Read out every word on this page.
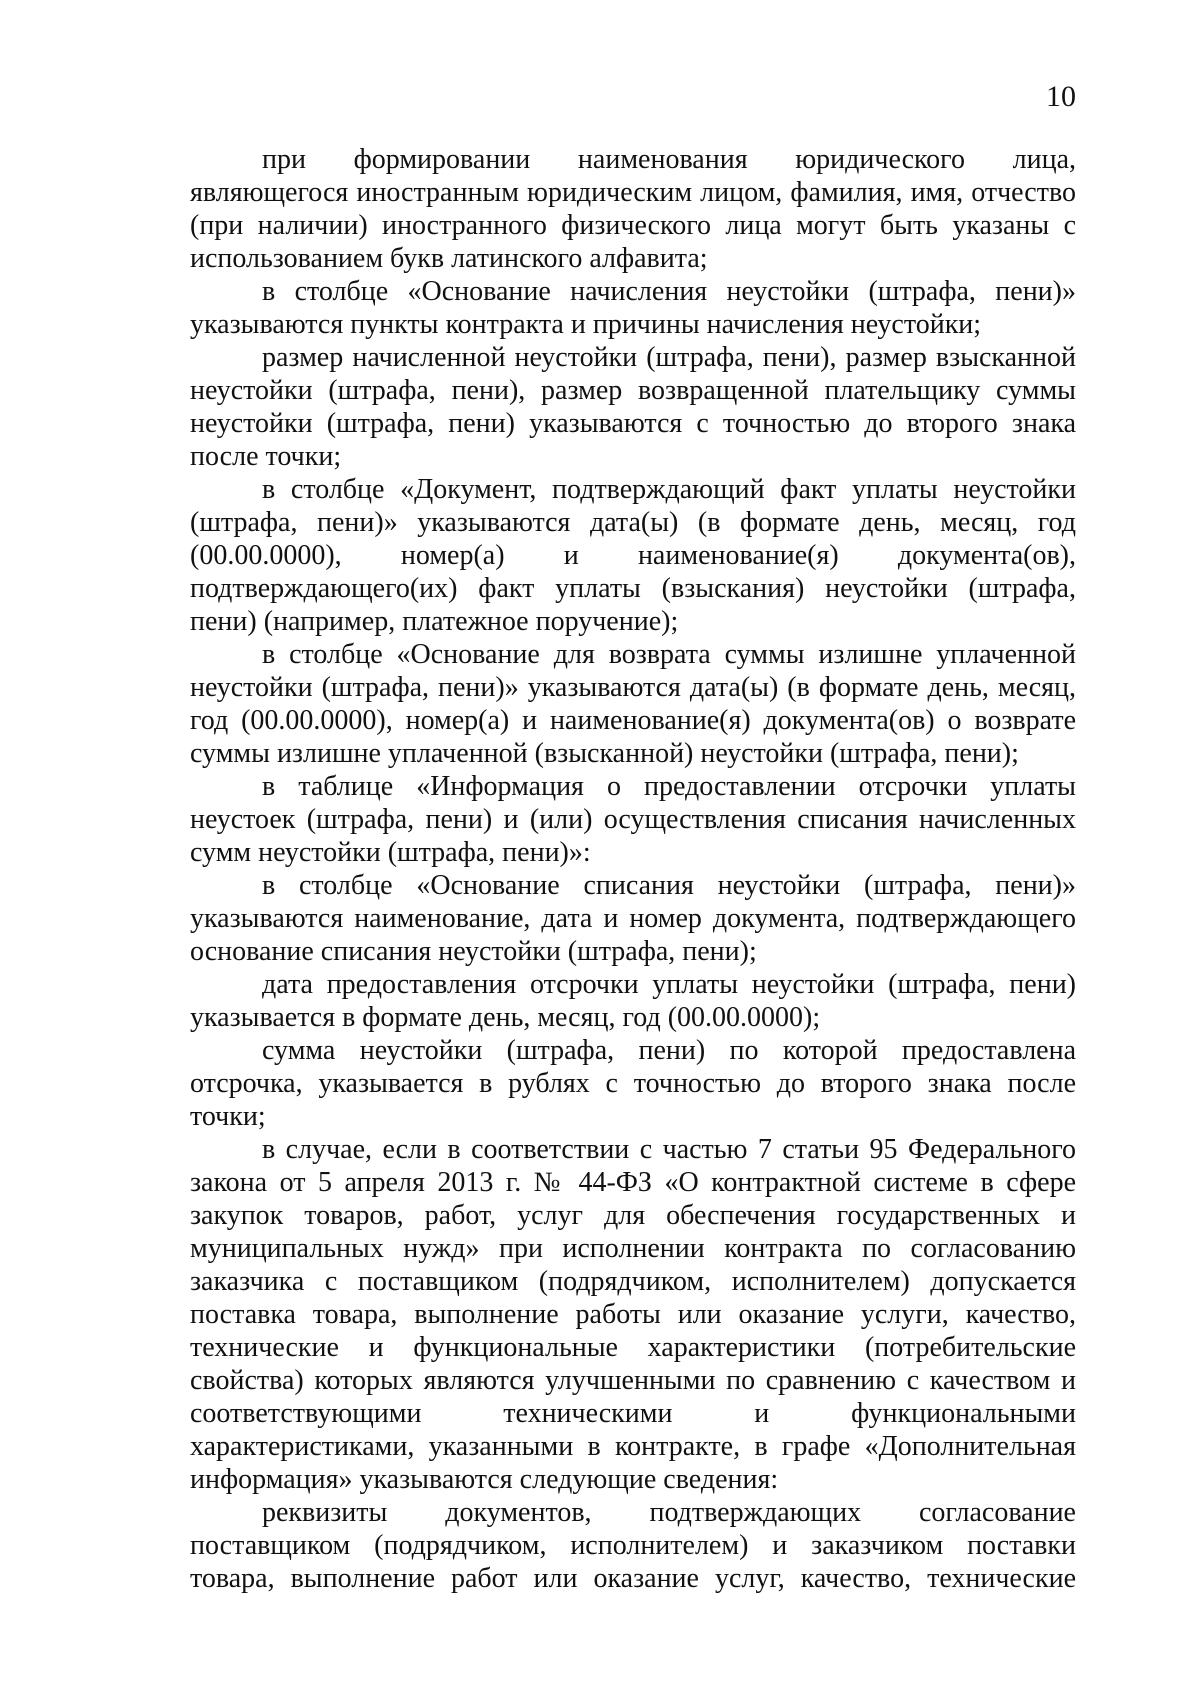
10

при формировании наименования юридического лица, являющегося иностранным юридическим лицом, фамилия, имя, отчество (при наличии) иностранного физического лица могут быть указаны с использованием букв латинского алфавита;

в столбце «Основание начисления неустойки (штрафа, пени)» указываются пункты контракта и причины начисления неустойки;

размер начисленной неустойки (штрафа, пени), размер взысканной неустойки (штрафа, пени), размер возвращенной плательщику суммы неустойки (штрафа, пени) указываются с точностью до второго знака после точки;

в столбце «Документ, подтверждающий факт уплаты неустойки (штрафа, пени)» указываются дата(ы) (в формате день, месяц, год (00.00.0000), номер(а) и наименование(я) документа(ов), подтверждающего(их) факт уплаты (взыскания) неустойки (штрафа, пени) (например, платежное поручение);

в столбце «Основание для возврата суммы излишне уплаченной неустойки (штрафа, пени)» указываются дата(ы) (в формате день, месяц, год (00.00.0000), номер(а) и наименование(я) документа(ов) о возврате суммы излишне уплаченной (взысканной) неустойки (штрафа, пени);

в таблице «Информация о предоставлении отсрочки уплаты неустоек (штрафа, пени) и (или) осуществления списания начисленных сумм неустойки (штрафа, пени)»:

в столбце «Основание списания неустойки (штрафа, пени)» указываются наименование, дата и номер документа, подтверждающего основание списания неустойки (штрафа, пени);

дата предоставления отсрочки уплаты неустойки (штрафа, пени) указывается в формате день, месяц, год (00.00.0000);

сумма неустойки (штрафа, пени) по которой предоставлена отсрочка, указывается в рублях с точностью до второго знака после точки;

в случае, если в соответствии с частью 7 статьи 95 Федерального закона от 5 апреля 2013 г. № 44-ФЗ «О контрактной системе в сфере закупок товаров, работ, услуг для обеспечения государственных и муниципальных нужд» при исполнении контракта по согласованию заказчика с поставщиком (подрядчиком, исполнителем) допускается поставка товара, выполнение работы или оказание услуги, качество, технические и функциональные характеристики (потребительские свойства) которых являются улучшенными по сравнению с качеством и соответствующими техническими и функциональными характеристиками, указанными в контракте, в графе «Дополнительная информация» указываются следующие сведения:

реквизиты документов, подтверждающих согласование поставщиком (подрядчиком, исполнителем) и заказчиком поставки товара, выполнение работ или оказание услуг, качество, технические
